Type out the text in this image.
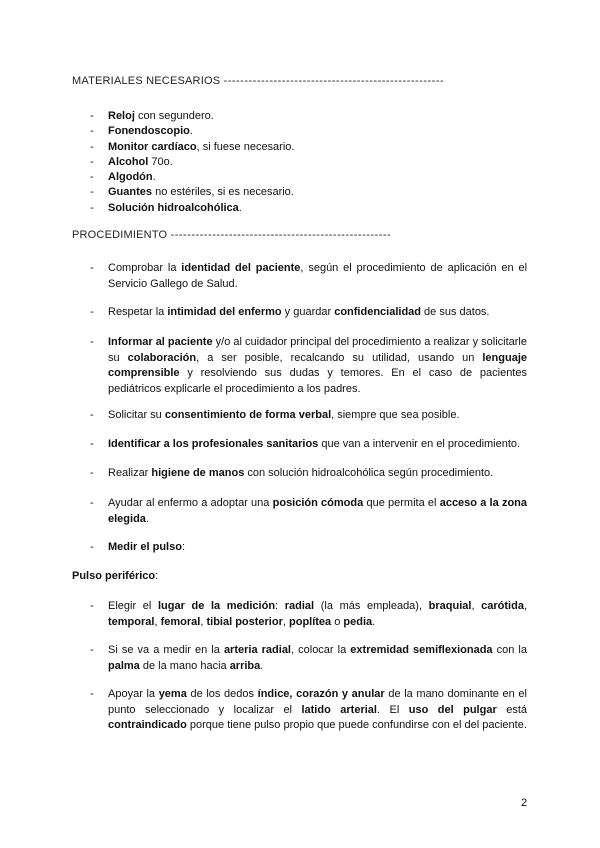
MATERIALES NECESARIOS -----------------------------------------------------
- Reloj con segundero.
- Fonendoscopio.
- Monitor cardíaco, si fuese necesario.
- Alcohol 70o.
- Algodón.
- Guantes no estériles, si es necesario.
- Solución hidroalcohólica.
PROCEDIMIENTO -----------------------------------------------------
- Comprobar la identidad del paciente, según el procedimiento de aplicación en el Servicio Gallego de Salud.
- Respetar la intimidad del enfermo y guardar confidencialidad de sus datos.
- Informar al paciente y/o al cuidador principal del procedimiento a realizar y solicitarle su colaboración, a ser posible, recalcando su utilidad, usando un lenguaje comprensible y resolviendo sus dudas y temores. En el caso de pacientes pediátricos explicarle el procedimiento a los padres.
- Solicitar su consentimiento de forma verbal, siempre que sea posible.
- Identificar a los profesionales sanitarios que van a intervenir en el procedimiento.
- Realizar higiene de manos con solución hidroalcohólica según procedimiento.
- Ayudar al enfermo a adoptar una posición cómoda que permita el acceso a la zona elegida.
- Medir el pulso:
Pulso periférico:
- Elegir el lugar de la medición: radial (la más empleada), braquial, carótida, temporal, femoral, tibial posterior, poplítea o pedia.
- Si se va a medir en la arteria radial, colocar la extremidad semiflexionada con la palma de la mano hacia arriba.
- Apoyar la yema de los dedos índice, corazón y anular de la mano dominante en el punto seleccionado y localizar el latido arterial. El uso del pulgar está contraindicado porque tiene pulso propio que puede confundirse con el del paciente.
2
